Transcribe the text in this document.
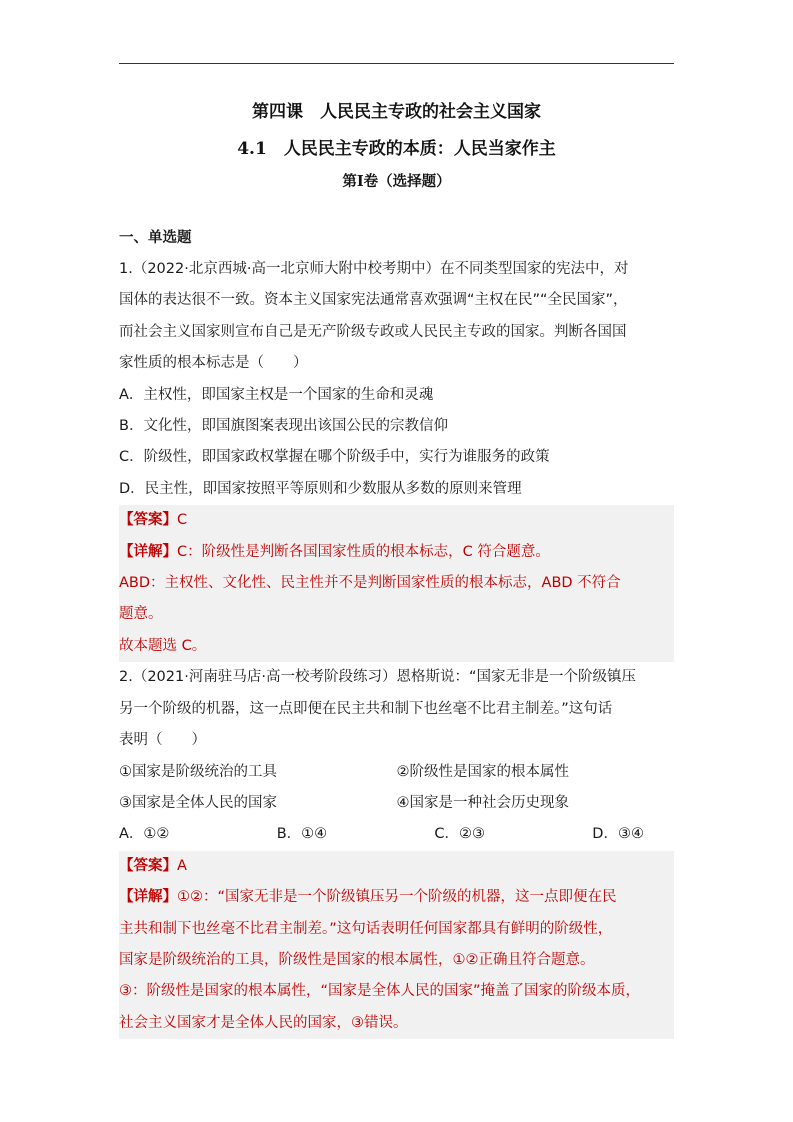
第四课　人民民主专政的社会主义国家
4.1　人民民主专政的本质：人民当家作主
第Ⅰ卷（选择题）
一、单选题

1.（2022·北京西城·高一北京师大附中校考期中）在不同类型国家的宪法中，对

国体的表达很不一致。资本主义国家宪法通常喜欢强调“主权在民”“全民国家”，

而社会主义国家则宣布自己是无产阶级专政或人民民主专政的国家。判断各国国

家性质的根本标志是（　　）

A．主权性，即国家主权是一个国家的生命和灵魂

B．文化性，即国旗图案表现出该国公民的宗教信仰

C．阶级性，即国家政权掌握在哪个阶级手中，实行为谁服务的政策

D．民主性，即国家按照平等原则和少数服从多数的原则来管理

【答案】C

【详解】C：阶级性是判断各国国家性质的根本标志，C 符合题意。

ABD：主权性、文化性、民主性并不是判断国家性质的根本标志，ABD 不符合

题意。

故本题选 C。

2.（2021·河南驻马店·高一校考阶段练习）恩格斯说：“国家无非是一个阶级镇压

另一个阶级的机器，这一点即便在民主共和制下也丝毫不比君主制差。”这句话

表明（　　）

①国家是阶级统治的工具	②阶级性是国家的根本属性
③国家是全体人民的国家	④国家是一种社会历史现象
A．①②	B．①④	C．②③	D．③④

【答案】A

【详解】①②：“国家无非是一个阶级镇压另一个阶级的机器，这一点即便在民

主共和制下也丝毫不比君主制差。”这句话表明任何国家都具有鲜明的阶级性，

国家是阶级统治的工具，阶级性是国家的根本属性，①②正确且符合题意。

③：阶级性是国家的根本属性，“国家是全体人民的国家”掩盖了国家的阶级本质，

社会主义国家才是全体人民的国家，③错误。
